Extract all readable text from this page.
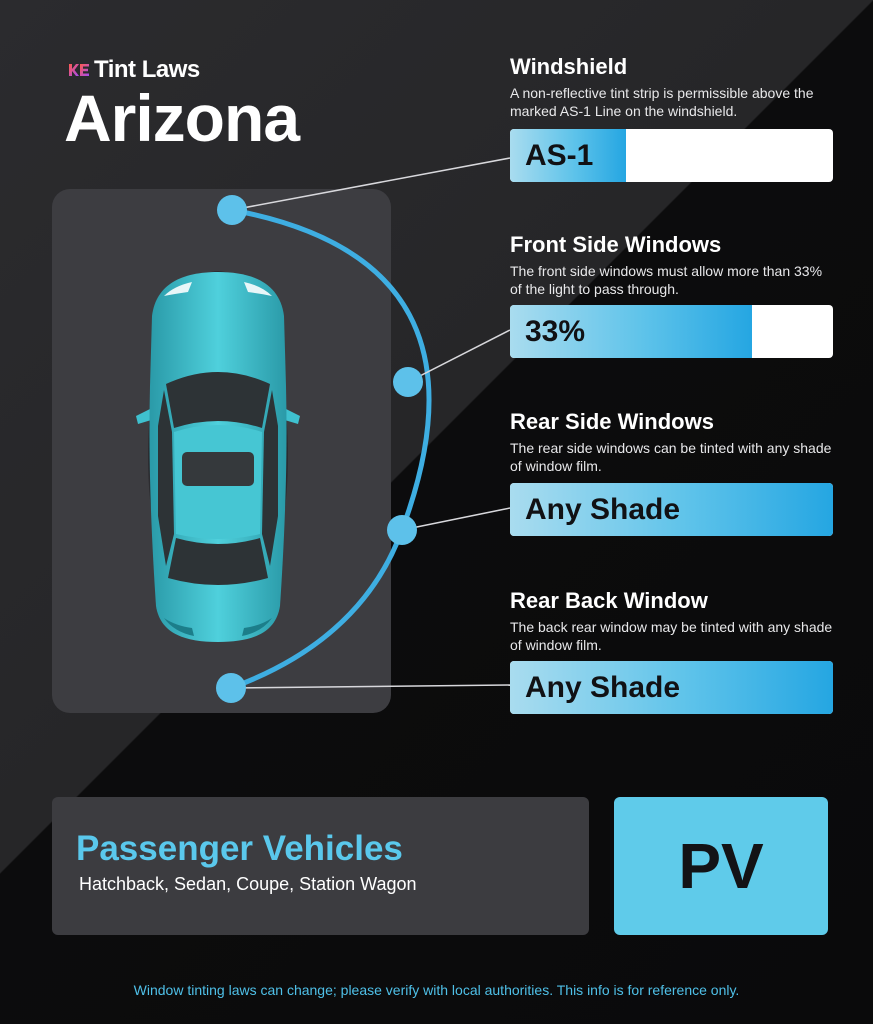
Tint Laws
Arizona
Windshield

A non-reflective tint strip is permissible above the marked AS-1 Line on the windshield.

AS-1
Front Side Windows

The front side windows must allow more than 33% of the light to pass through.

33%
Rear Side Windows

The rear side windows can be tinted with any shade of window film.

Any Shade
Rear Back Window

The back rear window may be tinted with any shade of window film.

Any Shade
Passenger Vehicles
Hatchback, Sedan, Coupe, Station Wagon	PV
Window tinting laws can change; please verify with local authorities. This info is for reference only.
